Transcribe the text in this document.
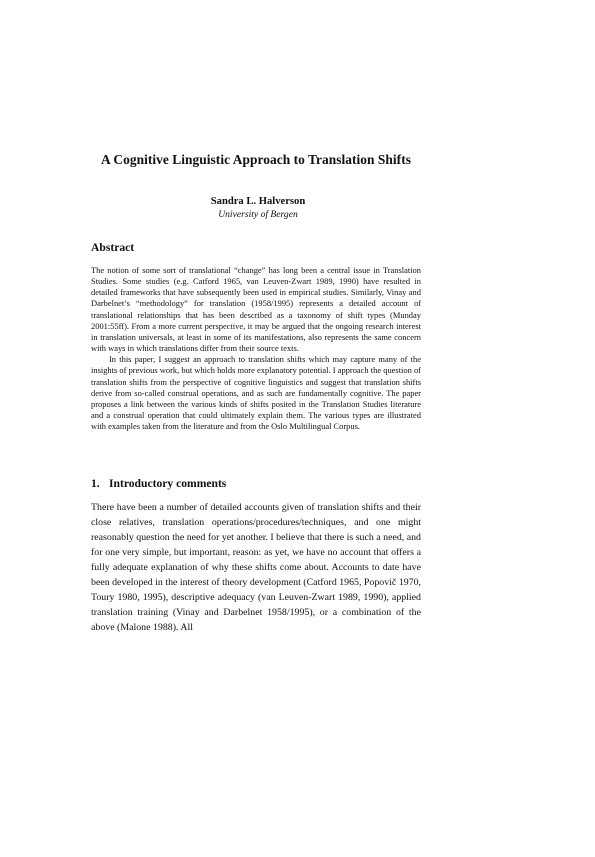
A Cognitive Linguistic Approach to Translation Shifts
Sandra L. Halverson
University of Bergen
Abstract

The notion of some sort of translational “change” has long been a central issue in Translation Studies. Some studies (e.g. Catford 1965, van Leuven-Zwart 1989, 1990) have resulted in detailed frameworks that have subsequently been used in empirical studies. Similarly, Vinay and Darbelnet’s “methodology” for translation (1958/1995) represents a detailed account of translational relationships that has been described as a taxonomy of shift types (Munday 2001:55ff). From a more current perspective, it may be argued that the ongoing research interest in translation universals, at least in some of its manifestations, also represents the same concern with ways in which translations differ from their source texts.

In this paper, I suggest an approach to translation shifts which may capture many of the insights of previous work, but which holds more explanatory potential. I approach the question of translation shifts from the perspective of cognitive linguistics and suggest that translation shifts derive from so-called construal operations, and as such are fundamentally cognitive. The paper proposes a link between the various kinds of shifts posited in the Translation Studies literature and a construal operation that could ultimately explain them. The various types are illustrated with examples taken from the literature and from the Oslo Multilingual Corpus.

1. Introductory comments

There have been a number of detailed accounts given of translation shifts and their close relatives, translation operations/procedures/techniques, and one might reasonably question the need for yet another. I believe that there is such a need, and for one very simple, but important, reason: as yet, we have no account that offers a fully adequate explanation of why these shifts come about. Accounts to date have been developed in the interest of theory development (Catford 1965, Popovič 1970, Toury 1980, 1995), descriptive adequacy (van Leuven-Zwart 1989, 1990), applied translation training (Vinay and Darbelnet 1958/1995), or a combination of the above (Malone 1988). All
